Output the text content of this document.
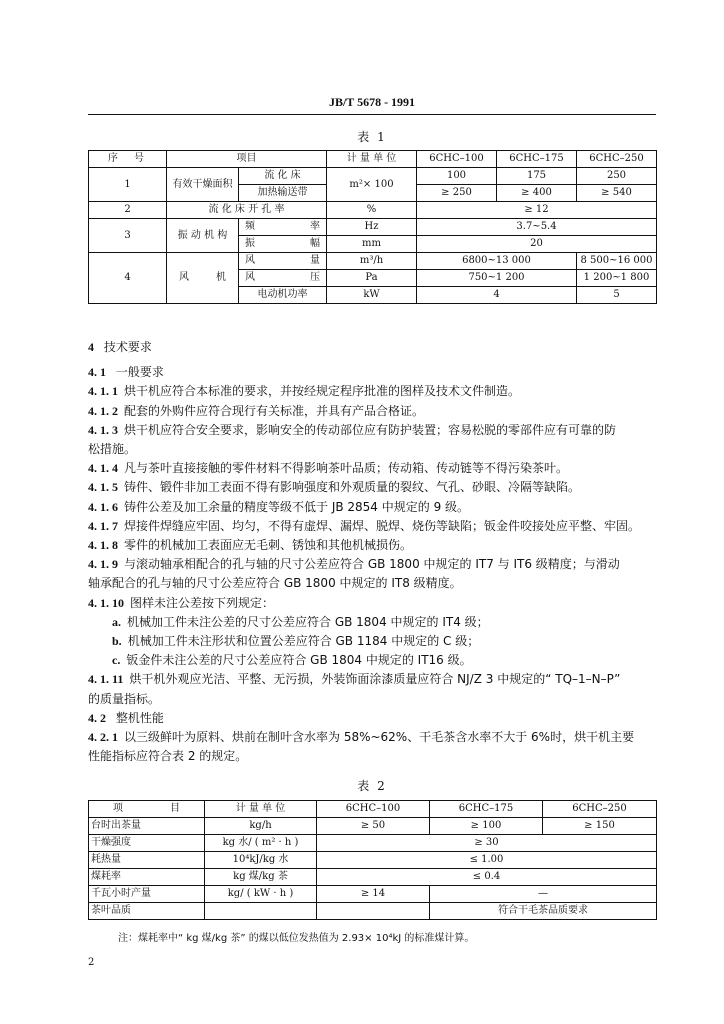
JB/T 5678 - 1991
表 1
序　号	项目		计 量 单 位	6CHC–100	6CHC–175	6CHC–250
1	有效干燥面积	流 化 床	m²× 100	100	175	250
		加热输送带		≥ 250	≥ 400	≥ 540
2	流 化 床 开 孔 率		%	≥ 12		
3	振 动 机 构	频 率	Hz	3.7~5.4		

		振 幅	mm	20		
4	风 机	风 量	m³/h	6800~13 000		8 500~16 000

		风 压	Pa	750~1 200		1 200~1 800
		电动机功率	kW	4		5

4 技术要求

4. 1 一般要求

4. 1. 1 烘干机应符合本标准的要求，并按经规定程序批准的图样及技术文件制造。

4. 1. 2 配套的外购件应符合现行有关标准，并具有产品合格证。

4. 1. 3 烘干机应符合安全要求，影响安全的传动部位应有防护装置；容易松脱的零部件应有可靠的防

松措施。

4. 1. 4 凡与茶叶直接接触的零件材料不得影响茶叶品质；传动箱、传动链等不得污染茶叶。

4. 1. 5 铸件、锻件非加工表面不得有影响强度和外观质量的裂纹、气孔、砂眼、冷隔等缺陷。

4. 1. 6 铸件公差及加工余量的精度等级不低于 JB 2854 中规定的 9 级。

4. 1. 7 焊接件焊缝应牢固、均匀，不得有虚焊、漏焊、脱焊、烧伤等缺陷；钣金件咬接处应平整、牢固。

4. 1. 8 零件的机械加工表面应无毛刺、锈蚀和其他机械损伤。

4. 1. 9 与滚动轴承相配合的孔与轴的尺寸公差应符合 GB 1800 中规定的 IT7 与 IT6 级精度；与滑动

轴承配合的孔与轴的尺寸公差应符合 GB 1800 中规定的 IT8 级精度。

4. 1. 10 图样未注公差按下列规定：

a. 机械加工件未注公差的尺寸公差应符合 GB 1804 中规定的 IT4 级；

b. 机械加工件未注形状和位置公差应符合 GB 1184 中规定的 C 级；

c. 钣金件未注公差的尺寸公差应符合 GB 1804 中规定的 IT16 级。

4. 1. 11 烘干机外观应光洁、平整、无污损，外装饰面涂漆质量应符合 NJ/Z 3 中规定的“ TQ–1–N–P”

的质量指标。

4. 2 整机性能

4. 2. 1 以三级鲜叶为原料、烘前在制叶含水率为 58%~62%、干毛茶含水率不大于 6%时，烘干机主要

性能指标应符合表 2 的规定。

表 2
项 目	计 量 单 位	6CHC–100	6CHC–175	6CHC–250
台时出茶量	kg/h	≥ 50	≥ 100	≥ 150
干燥强度	kg 水/ ( m² · h )	≥ 30		
耗热量	10⁴kJ/kg 水	≤ 1.00		
煤耗率	kg 煤/kg 茶	≤ 0.4		
千瓦小时产量	kg/ ( kW · h )	≥ 14	—	
茶叶品质			符合干毛茶品质要求	
注：煤耗率中“ kg 煤/kg 茶” 的煤以低位发热值为 2.93× 10⁴kJ 的标准煤计算。
2
